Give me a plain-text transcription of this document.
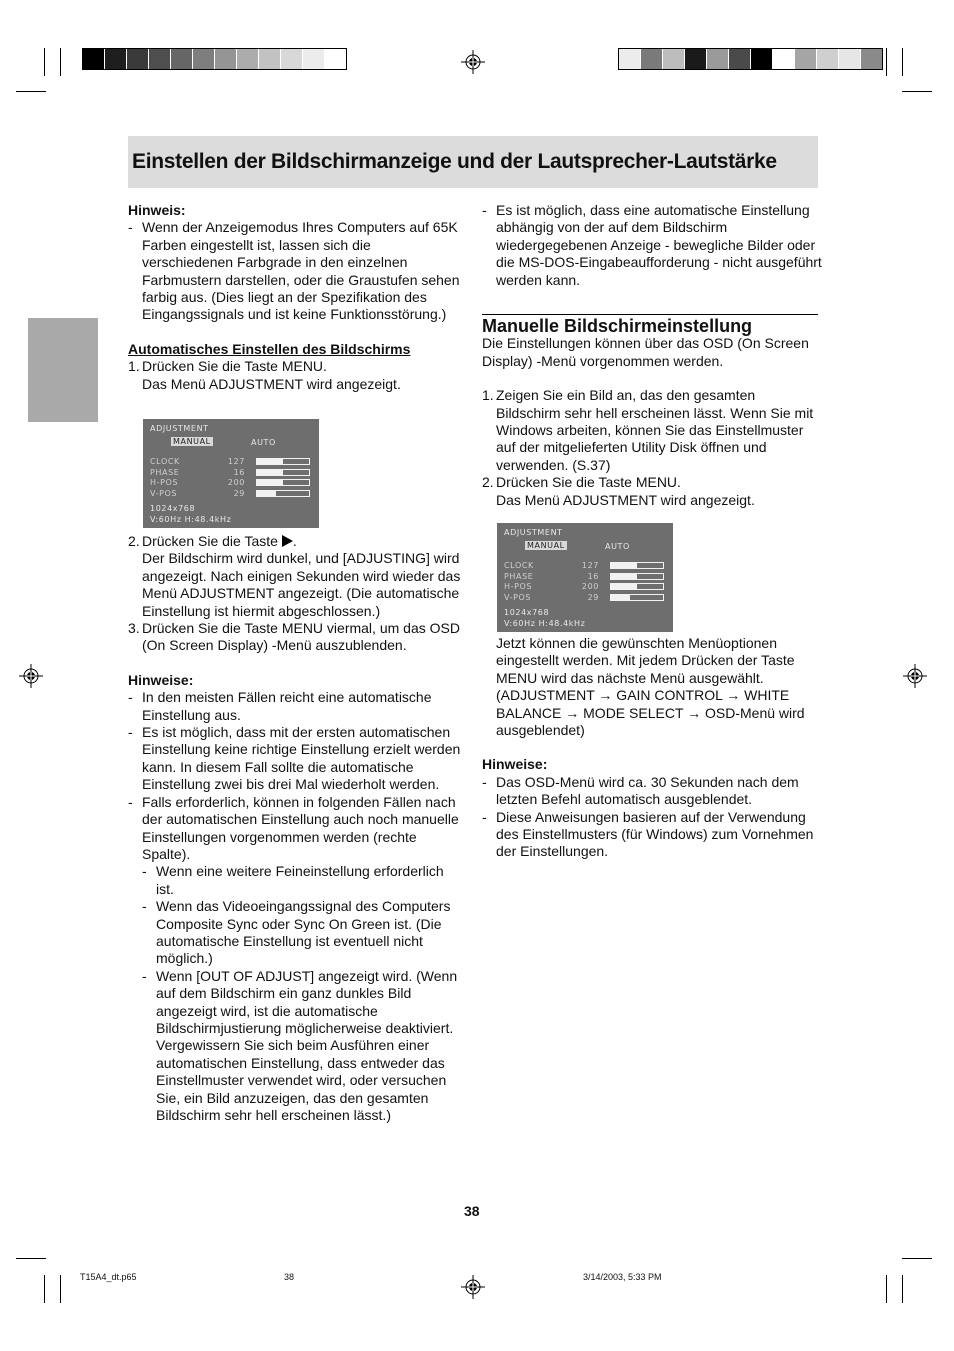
Einstellen der Bildschirmanzeige und der Lautsprecher-Lautstärke

Hinweis:

- Wenn der Anzeigemodus Ihres Computers auf 65K Farben eingestellt ist, lassen sich die verschiedenen Farbgrade in den einzelnen Farbmustern darstellen, oder die Graustufen sehen farbig aus. (Dies liegt an der Spezifikation des Eingangssignals und ist keine Funktionsstörung.)

Automatisches Einstellen des Bildschirms

1. Drücken Sie die Taste MENU.
Das Menü ADJUSTMENT wird angezeigt.
ADJUSTMENT
MANUAL	AUTO
CLOCK	127
PHASE	16
H-POS	200
V-POS	29
1024x768
V:60Hz H:48.4kHz
2. Drücken Sie die Taste .
Der Bildschirm wird dunkel, und [ADJUSTING] wird angezeigt. Nach einigen Sekunden wird wieder das Menü ADJUSTMENT angezeigt. (Die automatische Einstellung ist hiermit abgeschlossen.)
3. Drücken Sie die Taste MENU viermal, um das OSD (On Screen Display) -Menü auszublenden.

Hinweise:

- In den meisten Fällen reicht eine automatische Einstellung aus.
- Es ist möglich, dass mit der ersten automatischen Einstellung keine richtige Einstellung erzielt werden kann. In diesem Fall sollte die automatische Einstellung zwei bis drei Mal wiederholt werden.
- Falls erforderlich, können in folgenden Fällen nach der automatischen Einstellung auch noch manuelle Einstellungen vorgenommen werden (rechte Spalte).
- Wenn eine weitere Feineinstellung erforderlich ist.
- Wenn das Videoeingangssignal des Computers Composite Sync oder Sync On Green ist. (Die automatische Einstellung ist eventuell nicht möglich.)
- Wenn [OUT OF ADJUST] angezeigt wird. (Wenn auf dem Bildschirm ein ganz dunkles Bild angezeigt wird, ist die automatische Bildschirmjustierung möglicherweise deaktiviert. Vergewissern Sie sich beim Ausführen einer automatischen Einstellung, dass entweder das Einstellmuster verwendet wird, oder versuchen Sie, ein Bild anzuzeigen, das den gesamten Bildschirm sehr hell erscheinen lässt.)
- Es ist möglich, dass eine automatische Einstellung abhängig von der auf dem Bildschirm wiedergegebenen Anzeige - bewegliche Bilder oder die MS-DOS-Eingabeaufforderung - nicht ausgeführt werden kann.
Manuelle Bildschirmeinstellung

Die Einstellungen können über das OSD (On Screen Display) -Menü vorgenommen werden.

1. Zeigen Sie ein Bild an, das den gesamten Bildschirm sehr hell erscheinen lässt. Wenn Sie mit Windows arbeiten, können Sie das Einstellmuster auf der mitgelieferten Utility Disk öffnen und verwenden. (S.37)
2. Drücken Sie die Taste MENU.
Das Menü ADJUSTMENT wird angezeigt.
ADJUSTMENT
MANUAL	AUTO
CLOCK	127
PHASE	16
H-POS	200
V-POS	29
1024x768
V:60Hz H:48.4kHz
Jetzt können die gewünschten Menüoptionen eingestellt werden. Mit jedem Drücken der Taste MENU wird das nächste Menü ausgewählt. (ADJUSTMENT → GAIN CONTROL → WHITE BALANCE → MODE SELECT → OSD-Menü wird ausgeblendet)

Hinweise:

- Das OSD-Menü wird ca. 30 Sekunden nach dem letzten Befehl automatisch ausgeblendet.
- Diese Anweisungen basieren auf der Verwendung des Einstellmusters (für Windows) zum Vornehmen der Einstellungen.
38
T15A4_dt.p65	38	3/14/2003, 5:33 PM
